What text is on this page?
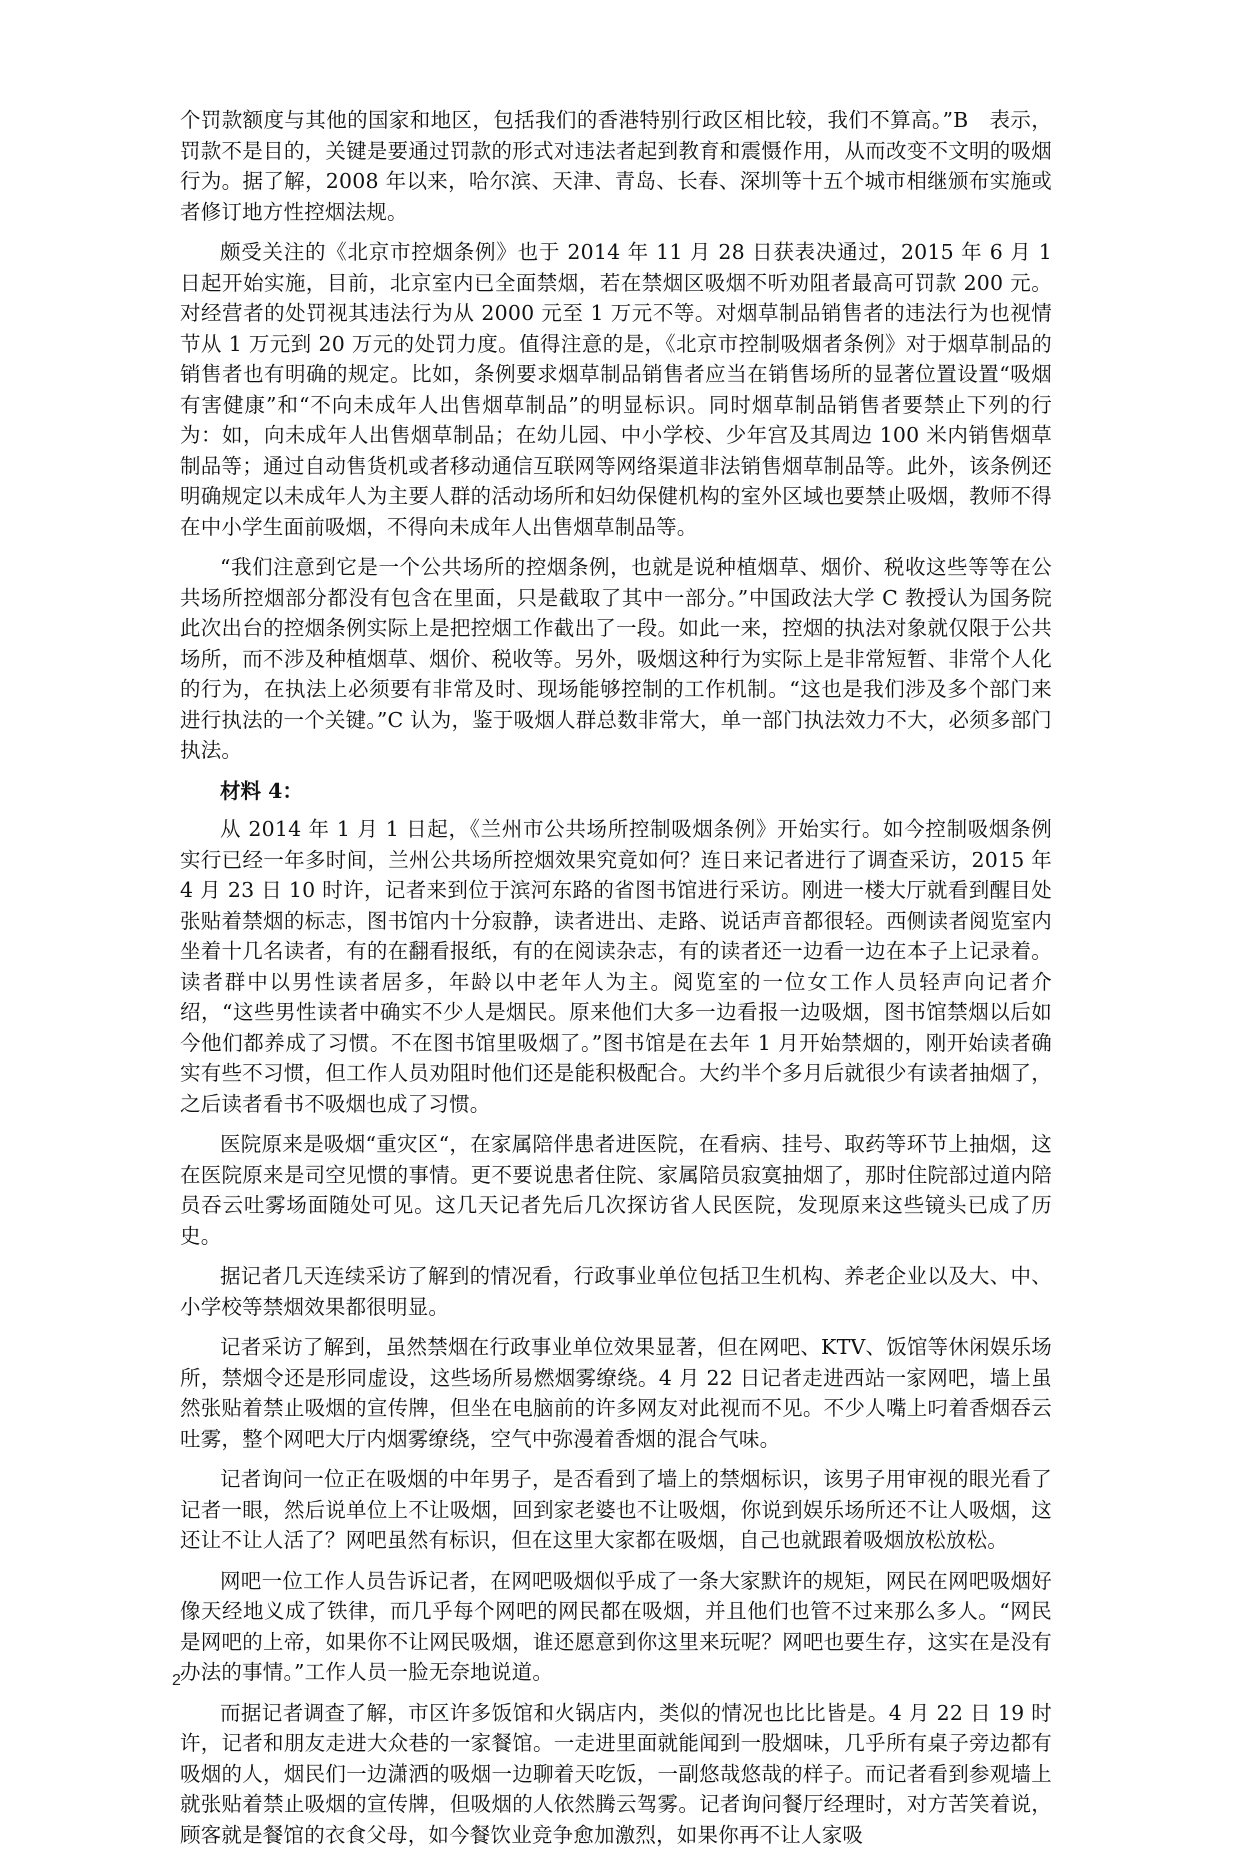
个罚款额度与其他的国家和地区，包括我们的香港特别行政区相比较，我们不算高。”B　表示，罚款不是目的，关键是要通过罚款的形式对违法者起到教育和震慑作用，从而改变不文明的吸烟行为。据了解，2008 年以来，哈尔滨、天津、青岛、长春、深圳等十五个城市相继颁布实施或者修订地方性控烟法规。

颇受关注的《北京市控烟条例》也于 2014 年 11 月 28 日获表决通过，2015 年 6 月 1 日起开始实施，目前，北京室内已全面禁烟，若在禁烟区吸烟不听劝阻者最高可罚款 200 元。对经营者的处罚视其违法行为从 2000 元至 1 万元不等。对烟草制品销售者的违法行为也视情节从 1 万元到 20 万元的处罚力度。值得注意的是，《北京市控制吸烟者条例》对于烟草制品的销售者也有明确的规定。比如，条例要求烟草制品销售者应当在销售场所的显著位置设置“吸烟有害健康”和“不向未成年人出售烟草制品”的明显标识。同时烟草制品销售者要禁止下列的行为：如，向未成年人出售烟草制品；在幼儿园、中小学校、少年宫及其周边 100 米内销售烟草制品等；通过自动售货机或者移动通信互联网等网络渠道非法销售烟草制品等。此外，该条例还明确规定以未成年人为主要人群的活动场所和妇幼保健机构的室外区域也要禁止吸烟，教师不得在中小学生面前吸烟，不得向未成年人出售烟草制品等。

“我们注意到它是一个公共场所的控烟条例，也就是说种植烟草、烟价、税收这些等等在公共场所控烟部分都没有包含在里面，只是截取了其中一部分。”中国政法大学 C 教授认为国务院此次出台的控烟条例实际上是把控烟工作截出了一段。如此一来，控烟的执法对象就仅限于公共场所，而不涉及种植烟草、烟价、税收等。另外，吸烟这种行为实际上是非常短暂、非常个人化的行为，在执法上必须要有非常及时、现场能够控制的工作机制。“这也是我们涉及多个部门来进行执法的一个关键。”C 认为，鉴于吸烟人群总数非常大，单一部门执法效力不大，必须多部门执法。

材料 4：

从 2014 年 1 月 1 日起，《兰州市公共场所控制吸烟条例》开始实行。如今控制吸烟条例实行已经一年多时间，兰州公共场所控烟效果究竟如何？连日来记者进行了调查采访，2015 年 4 月 23 日 10 时许，记者来到位于滨河东路的省图书馆进行采访。刚进一楼大厅就看到醒目处张贴着禁烟的标志，图书馆内十分寂静，读者进出、走路、说话声音都很轻。西侧读者阅览室内坐着十几名读者，有的在翻看报纸，有的在阅读杂志，有的读者还一边看一边在本子上记录着。读者群中以男性读者居多，年龄以中老年人为主。阅览室的一位女工作人员轻声向记者介绍，“这些男性读者中确实不少人是烟民。原来他们大多一边看报一边吸烟，图书馆禁烟以后如今他们都养成了习惯。不在图书馆里吸烟了。”图书馆是在去年 1 月开始禁烟的，刚开始读者确实有些不习惯，但工作人员劝阻时他们还是能积极配合。大约半个多月后就很少有读者抽烟了，之后读者看书不吸烟也成了习惯。

医院原来是吸烟“重灾区“，在家属陪伴患者进医院，在看病、挂号、取药等环节上抽烟，这在医院原来是司空见惯的事情。更不要说患者住院、家属陪员寂寞抽烟了，那时住院部过道内陪员吞云吐雾场面随处可见。这几天记者先后几次探访省人民医院，发现原来这些镜头已成了历史。

据记者几天连续采访了解到的情况看，行政事业单位包括卫生机构、养老企业以及大、中、小学校等禁烟效果都很明显。

记者采访了解到，虽然禁烟在行政事业单位效果显著，但在网吧、KTV、饭馆等休闲娱乐场所，禁烟令还是形同虚设，这些场所易燃烟雾缭绕。4 月 22 日记者走进西站一家网吧，墙上虽然张贴着禁止吸烟的宣传牌，但坐在电脑前的许多网友对此视而不见。不少人嘴上叼着香烟吞云吐雾，整个网吧大厅内烟雾缭绕，空气中弥漫着香烟的混合气味。

记者询问一位正在吸烟的中年男子，是否看到了墙上的禁烟标识，该男子用审视的眼光看了记者一眼，然后说单位上不让吸烟，回到家老婆也不让吸烟，你说到娱乐场所还不让人吸烟，这还让不让人活了？网吧虽然有标识，但在这里大家都在吸烟，自己也就跟着吸烟放松放松。

网吧一位工作人员告诉记者，在网吧吸烟似乎成了一条大家默许的规矩，网民在网吧吸烟好像天经地义成了铁律，而几乎每个网吧的网民都在吸烟，并且他们也管不过来那么多人。“网民是网吧的上帝，如果你不让网民吸烟，谁还愿意到你这里来玩呢？网吧也要生存，这实在是没有办法的事情。”工作人员一脸无奈地说道。

而据记者调查了解，市区许多饭馆和火锅店内，类似的情况也比比皆是。4 月 22 日 19 时许，记者和朋友走进大众巷的一家餐馆。一走进里面就能闻到一股烟味，几乎所有桌子旁边都有吸烟的人，烟民们一边潇洒的吸烟一边聊着天吃饭，一副悠哉悠哉的样子。而记者看到参观墙上就张贴着禁止吸烟的宣传牌，但吸烟的人依然腾云驾雾。记者询问餐厅经理时，对方苦笑着说，顾客就是餐馆的衣食父母，如今餐饮业竞争愈加激烈，如果你再不让人家吸

2
